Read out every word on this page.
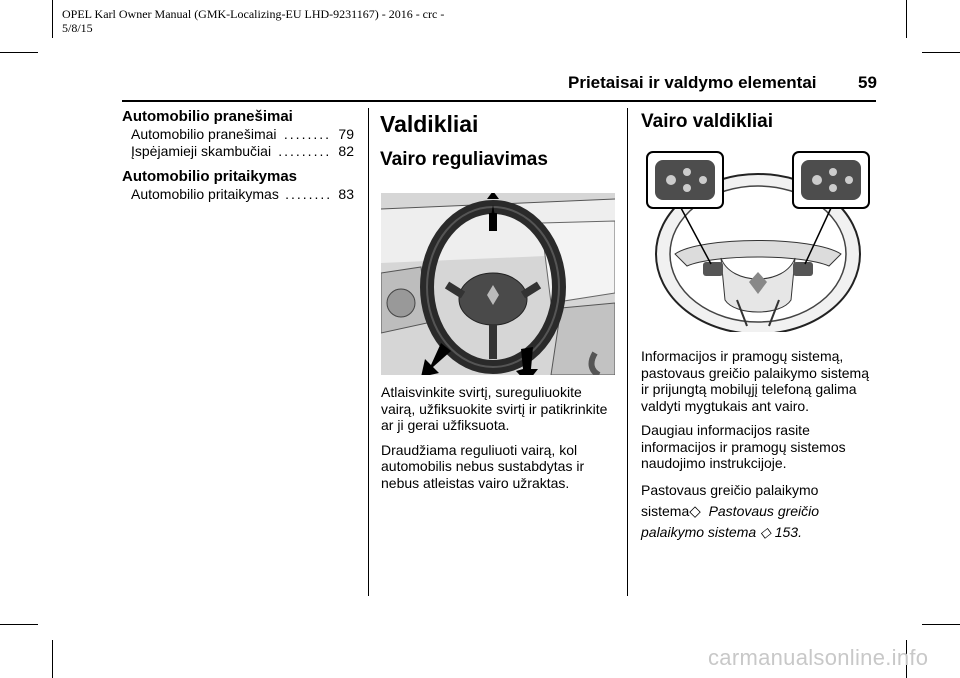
OPEL Karl Owner Manual (GMK-Localizing-EU LHD-9231167) - 2016 - crc -
5/8/15
Prietaisai ir valdymo elementai 59
Automobilio pranešimai
Automobilio pranešimai ........ 79
Įspėjamieji skambučiai ......... 82
Automobilio pritaikymas
Automobilio pritaikymas ........ 83
Valdikliai
Vairo reguliavimas

Atlaisvinkite svirtį, sureguliuokite vairą, užfiksuokite svirtį ir patikrinkite ar ji gerai užfiksuota.

Draudžiama reguliuoti vairą, kol automobilis nebus sustabdytas ir nebus atleistas vairo užraktas.

Vairo valdikliai

Informacijos ir pramogų sistemą, pastovaus greičio palaikymo sistemą ir prijungtą mobilųjį telefoną galima valdyti mygtukais ant vairo.

Daugiau informacijos rasite informacijos ir pramogų sistemos naudojimo instrukcijoje.

Pastovaus greičio palaikymo
sistema◇ Pastovaus greičio palaikymo sistema ◇ 153.

carmanualsonline.info
